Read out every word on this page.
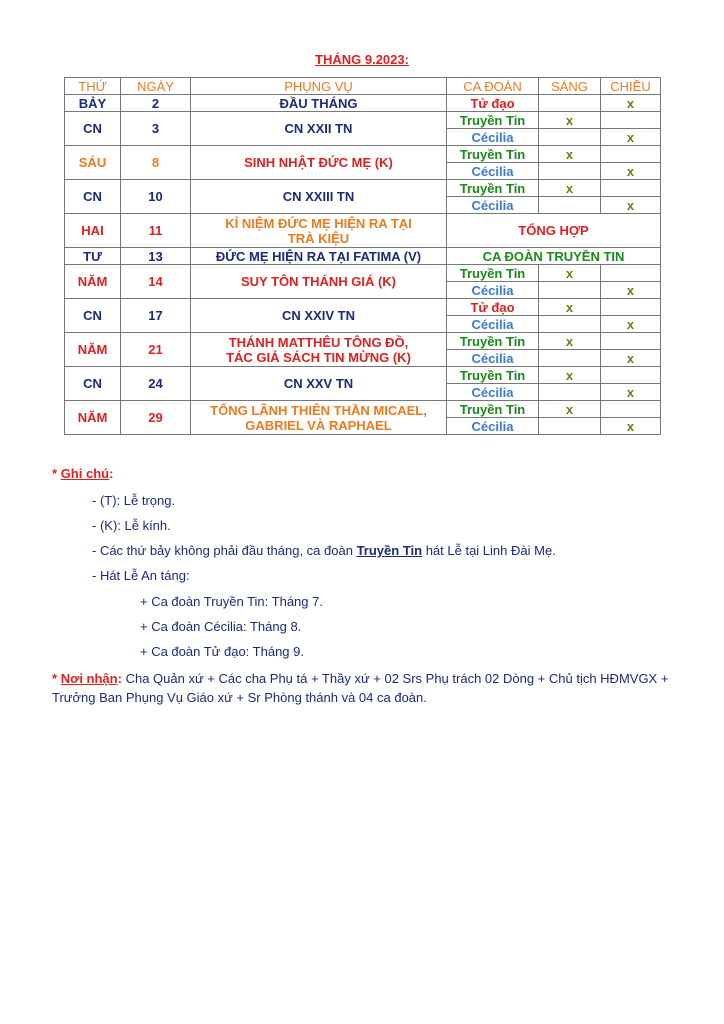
THÁNG 9.2023:
THỨ	NGÀY	PHỤNG VỤ	CA ĐOÀN	SÁNG	CHIỀU
BẢY	2	ĐẦU THÁNG	Tử đạo		x
CN	3	CN XXII TN	Truyền Tin	x	
			Cécilia		x
SÁU	8	SINH NHẬT ĐỨC MẸ (K)	Truyền Tin	x	
			Cécilia		x
CN	10	CN XXIII TN	Truyền Tin	x	
			Cécilia		x
HAI	11	KỈ NIỆM ĐỨC MẸ HIỆN RA TẠI
TRÀ KIỆU	TỔNG HỢP		
TƯ	13	ĐỨC MẸ HIỆN RA TẠI FATIMA (V)	CA ĐOÀN TRUYỀN TIN		
NĂM	14	SUY TÔN THÁNH GIÁ (K)	Truyền Tin	x	
			Cécilia		x
CN	17	CN XXIV TN	Tử đạo	x	
			Cécilia		x
NĂM	21	THÁNH MATTHÊU TÔNG ĐỒ,
TÁC GIẢ SÁCH TIN MỪNG (K)	Truyền Tin	x	
			Cécilia		x
CN	24	CN XXV TN	Truyền Tin	x	
			Cécilia		x
NĂM	29	TỔNG LÃNH THIÊN THẦN MICAEL,
GABRIEL VÀ RAPHAEL	Truyền Tin	x	
			Cécilia		x
* Ghi chú:
- (T): Lễ trọng.
- (K): Lễ kính.
- Các thứ bảy không phải đầu tháng, ca đoàn Truyền Tin hát Lễ tại Linh Đài Mẹ.
- Hát Lễ An táng:
+ Ca đoàn Truyền Tin: Tháng 7.
+ Ca đoàn Cécilia: Tháng 8.
+ Ca đoàn Tử đạo: Tháng 9.
* Nơi nhận: Cha Quản xứ + Các cha Phụ tá + Thầy xứ + 02 Srs Phụ trách 02 Dòng + Chủ tịch HĐMVGX + Trưởng Ban Phụng Vụ Giáo xứ + Sr Phòng thánh và 04 ca đoàn.
